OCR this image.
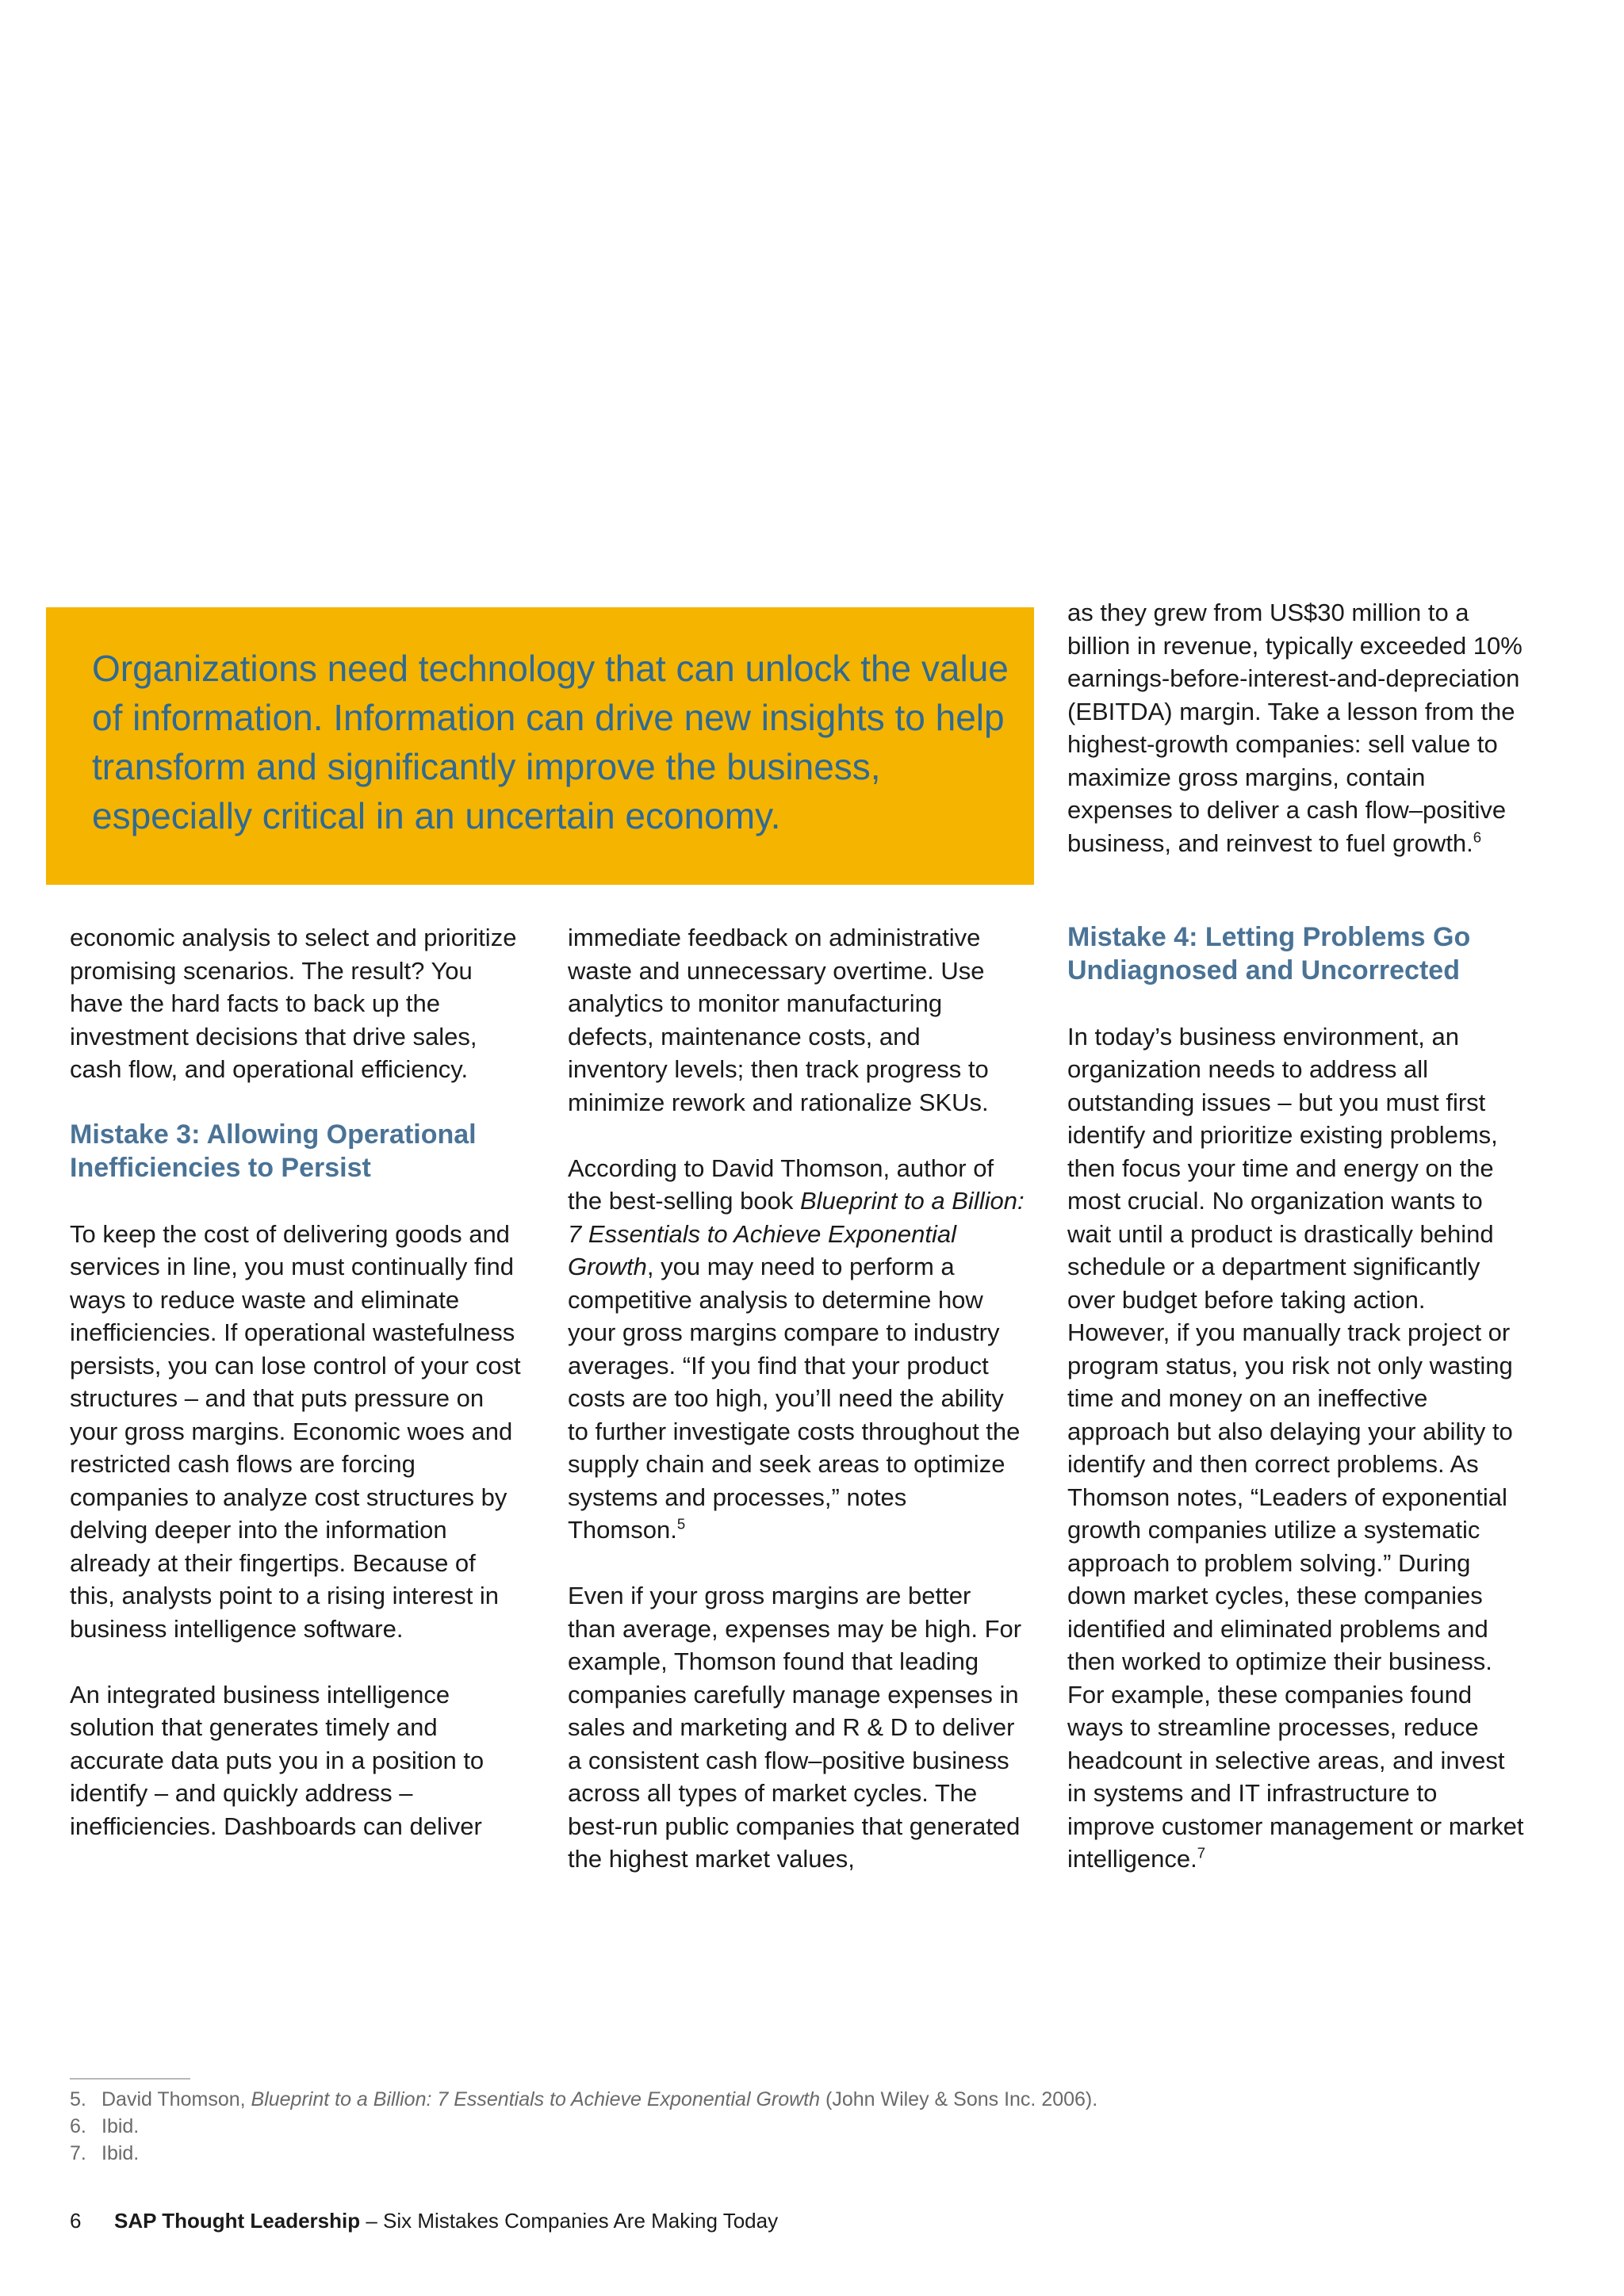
as they grew from US$30 million to a billion in revenue, typically exceeded 10% earnings-before-interest-and-depreciation (EBITDA) margin. Take a lesson from the highest-growth companies: sell value to maximize gross margins, contain expenses to deliver a cash flow–positive business, and reinvest to fuel growth.$^6$

Organizations need technology that can unlock the value of information. Information can drive new insights to help transform and significantly improve the business, especially critical in an uncertain economy.

economic analysis to select and prioritize promising scenarios. The result? You have the hard facts to back up the investment decisions that drive sales, cash flow, and operational efficiency.

Mistake 3: Allowing Operational Inefficiencies to Persist

To keep the cost of delivering goods and services in line, you must continually find ways to reduce waste and eliminate inefficiencies. If operational wastefulness persists, you can lose control of your cost structures – and that puts pressure on your gross margins. Economic woes and restricted cash flows are forcing companies to analyze cost structures by delving deeper into the information already at their fingertips. Because of this, analysts point to a rising interest in business intelligence software.

An integrated business intelligence solution that generates timely and accurate data puts you in a position to identify – and quickly address – inefficiencies. Dashboards can deliver

immediate feedback on administrative waste and unnecessary overtime. Use analytics to monitor manufacturing defects, maintenance costs, and inventory levels; then track progress to minimize rework and rationalize SKUs.

According to David Thomson, author of the best-selling book Blueprint to a Billion: 7 Essentials to Achieve Exponential Growth, you may need to perform a competitive analysis to determine how your gross margins compare to industry averages. “If you find that your product costs are too high, you’ll need the ability to further investigate costs throughout the supply chain and seek areas to optimize systems and processes,” notes Thomson.$^5$

Even if your gross margins are better than average, expenses may be high. For example, Thomson found that leading companies carefully manage expenses in sales and marketing and R & D to deliver a consistent cash flow–positive business across all types of market cycles. The best-run public companies that generated the highest market values,

Mistake 4: Letting Problems Go Undiagnosed and Uncorrected

In today’s business environment, an organization needs to address all outstanding issues – but you must first identify and prioritize existing problems, then focus your time and energy on the most crucial. No organization wants to wait until a product is drastically behind schedule or a department significantly over budget before taking action. However, if you manually track project or program status, you risk not only wasting time and money on an ineffective approach but also delaying your ability to identify and then correct problems. As Thomson notes, “Leaders of exponential growth companies utilize a systematic approach to problem solving.” During down market cycles, these companies identified and eliminated problems and then worked to optimize their business. For example, these companies found ways to streamline processes, reduce headcount in selective areas, and invest in systems and IT infrastructure to improve customer management or market intelligence.$^7$

5. David Thomson, Blueprint to a Billion: 7 Essentials to Achieve Exponential Growth (John Wiley & Sons Inc. 2006).
6. Ibid.
7. Ibid.
6 SAP Thought Leadership – Six Mistakes Companies Are Making Today
